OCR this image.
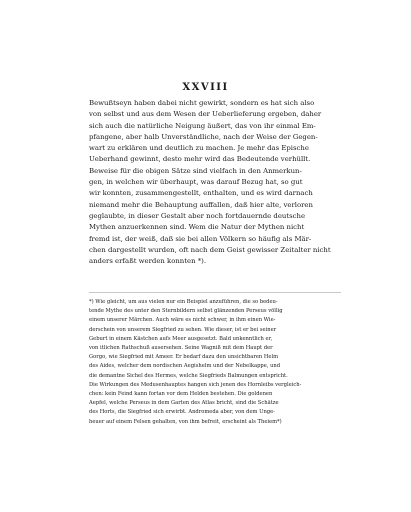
XXVIII
Bewußtseyn haben dabei nicht gewirkt, sondern es hat sich also
von selbst und aus dem Wesen der Ueberlieferung ergeben, daher
sich auch die natürliche Neigung äußert, das von ihr einmal Em-
pfangene, aber halb Unverständliche, nach der Weise der Gegen-
wart zu erklären und deutlich zu machen. Je mehr das Epische
Ueberhand gewinnt, desto mehr wird das Bedeutende verhüllt.
Beweise für die obigen Sätze sind vielfach in den Anmerkun-
gen, in welchen wir überhaupt, was darauf Bezug hat, so gut
wir konnten, zusammengestellt, enthalten, und es wird darnach
niemand mehr die Behauptung auffallen, daß hier alte, verloren
geglaubte, in dieser Gestalt aber noch fortdauernde deutsche
Mythen anzuerkennen sind. Wem die Natur der Mythen nicht
fremd ist, der weiß, daß sie bei allen Völkern so häufig als Mär-
chen dargestellt wurden, oft nach dem Geist gewisser Zeitalter nicht
anders erfaßt werden konnten *).
*) Wie gleicht, um aus vielen nur ein Beispiel anzuführen, die so bedeu-
tende Mythe des unter den Sternbildern selbst glänzenden Perseus völlig
einem unserer Märchen. Auch wäre es nicht schwer, in ihm einen Wie-
derschein von unserem Siegfried zu sehen. Wie dieser, ist er bei seiner
Geburt in einem Kästchen aufs Meer ausgesetzt. Bald unkenntlich er,
von itlichen Rathschuß ausersehen. Seine Wagniß mit dem Haupt der
Gorgo, wie Siegfried mit Ameer. Er bedarf dazu den unsichtbaren Helm
des Aides, welcher dem nordischen Aegishelm und der Nebelkappe, und
die demantne Sichel des Hermes, welche Siegfrieds Balmungen entspricht.
Die Wirkungen des Medusenhauptes hangen sich jenen des Hornleibs vergleich-
chen: kein Feind kann fortan vor dem Helden bestehen. Die goldenen
Aepfel, welche Perseus in dem Garten des Atlas bricht, sind die Schätze
des Horts, die Siegfried sich erwirbt. Andromeda aber, von dem Unge-
heuer auf einem Felsen gehalten, von ihm befreit, erscheint als Theiem*)
